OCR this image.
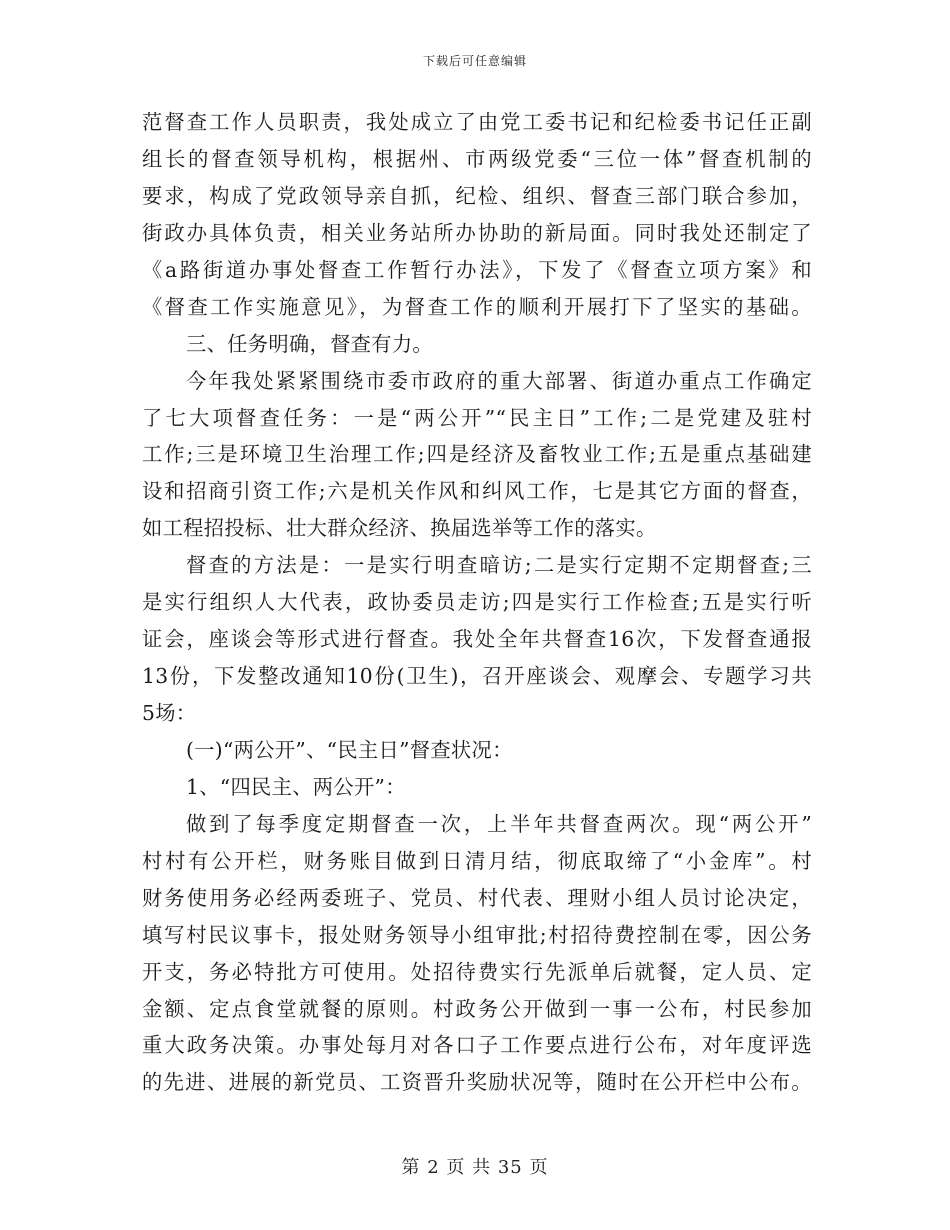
下载后可任意编辑
范督查工作人员职责，我处成立了由党工委书记和纪检委书记任正副
组长的督查领导机构，根据州、市两级党委“三位一体”督查机制的
要求，构成了党政领导亲自抓，纪检、组织、督查三部门联合参加，
街政办具体负责，相关业务站所办协助的新局面。同时我处还制定了
《a路街道办事处督查工作暂行办法》，下发了《督查立项方案》和
《督查工作实施意见》，为督查工作的顺利开展打下了坚实的基础。
三、任务明确，督查有力。
今年我处紧紧围绕市委市政府的重大部署、街道办重点工作确定
了七大项督查任务：一是“两公开”“民主日”工作;二是党建及驻村
工作;三是环境卫生治理工作;四是经济及畜牧业工作;五是重点基础建
设和招商引资工作;六是机关作风和纠风工作，七是其它方面的督查，
如工程招投标、壮大群众经济、换届选举等工作的落实。
督查的方法是：一是实行明查暗访;二是实行定期不定期督查;三
是实行组织人大代表，政协委员走访;四是实行工作检查;五是实行听
证会，座谈会等形式进行督查。我处全年共督查16次，下发督查通报
13份，下发整改通知10份(卫生)，召开座谈会、观摩会、专题学习共
5场：
(一)“两公开”、“民主日”督查状况：
1、“四民主、两公开”：
做到了每季度定期督查一次，上半年共督查两次。现“两公开”
村村有公开栏，财务账目做到日清月结，彻底取缔了“小金库”。村
财务使用务必经两委班子、党员、村代表、理财小组人员讨论决定，
填写村民议事卡，报处财务领导小组审批;村招待费控制在零，因公务
开支，务必特批方可使用。处招待费实行先派单后就餐，定人员、定
金额、定点食堂就餐的原则。村政务公开做到一事一公布，村民参加
重大政务决策。办事处每月对各口子工作要点进行公布，对年度评选
的先进、进展的新党员、工资晋升奖励状况等，随时在公开栏中公布。
第 2 页 共 35 页
